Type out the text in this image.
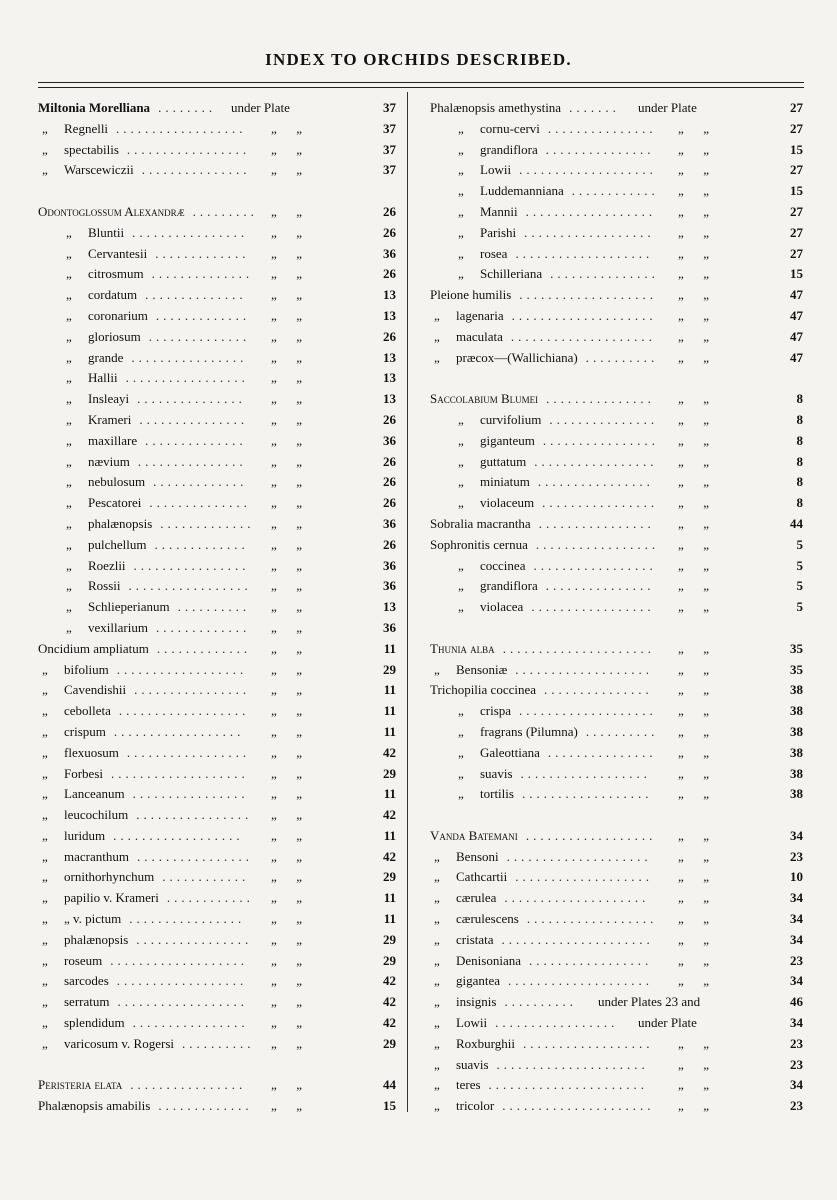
INDEX TO ORCHIDS DESCRIBED.
Miltonia Morelliana	under Plate	37
........
„ Regnelli	„      „	37
..................
„ spectabilis	„      „	37
.................
„ Warscewiczii	„      „	37
...............
Odontoglossum Alexandræ	„      „	26
.........
„ Bluntii	„      „	26
................
„ Cervantesii	„      „	36
.............
„ citrosmum	„      „	26
..............
„ cordatum	„      „	13
..............
„ coronarium	„      „	13
.............
„ gloriosum	„      „	26
..............
„ grande	„      „	13
................
„ Hallii	„      „	13
.................
„ Insleayi	„      „	13
...............
„ Krameri	„      „	26
...............
„ maxillare	„      „	36
..............
„ nævium	„      „	26
...............
„ nebulosum	„      „	26
.............
„ Pescatorei	„      „	26
..............
„ phalænopsis	„      „	36
.............
„ pulchellum	„      „	26
.............
„ Roezlii	„      „	36
................
„ Rossii	„      „	36
.................
„ Schlieperianum	„      „	13
..........
„ vexillarium	„      „	36
.............
Oncidium ampliatum	„      „	11
.............
„ bifolium	„      „	29
..................
„ Cavendishii	„      „	11
................
„ cebolleta	„      „	11
..................
„ crispum	„      „	11
..................
„ flexuosum	„      „	42
.................
„ Forbesi	„      „	29
...................
„ Lanceanum	„      „	11
................
„ leucochilum	„      „	42
................
„ luridum	„      „	11
..................
„ macranthum	„      „	42
................
„ ornithorhynchum	„      „	29
............
„ papilio v. Krameri	„      „	11
............
„ „ v. pictum	„      „	11
................
„ phalænopsis	„      „	29
................
„ roseum	„      „	29
...................
„ sarcodes	„      „	42
..................
„ serratum	„      „	42
..................
„ splendidum	„      „	42
................
„ varicosum v. Rogersi	„      „	29
..........
Peristeria elata	„      „	44
................
Phalænopsis amabilis	„      „	15
.............
Phalænopsis amethystina	under Plate	27
.......
„ cornu-cervi	„      „	27
...............
„ grandiflora	„      „	15
...............
„ Lowii	„      „	27
...................
„ Luddemanniana	„      „	15
............
„ Mannii	„      „	27
..................
„ Parishi	„      „	27
..................
„ rosea	„      „	27
...................
„ Schilleriana	„      „	15
...............
Pleione humilis	„      „	47
...................
„ lagenaria	„      „	47
....................
„ maculata	„      „	47
....................
„ præcox—(Wallichiana)	„      „	47
..........
Saccolabium Blumei	„      „	8
...............
„ curvifolium	„      „	8
...............
„ giganteum	„      „	8
................
„ guttatum	„      „	8
.................
„ miniatum	„      „	8
................
„ violaceum	„      „	8
................
Sobralia macrantha	„      „	44
................
Sophronitis cernua	„      „	5
.................
„ coccinea	„      „	5
.................
„ grandiflora	„      „	5
...............
„ violacea	„      „	5
.................
Thunia alba	„      „	35
.....................
„ Bensoniæ	„      „	35
...................
Trichopilia coccinea	„      „	38
...............
„ crispa	„      „	38
...................
„ fragrans (Pilumna)	„      „	38
..........
„ Galeottiana	„      „	38
...............
„ suavis	„      „	38
..................
„ tortilis	„      „	38
..................
Vanda Batemani	„      „	34
..................
„ Bensoni	„      „	23
....................
„ Cathcartii	„      „	10
...................
„ cærulea	„      „	34
....................
„ cærulescens	„      „	34
..................
„ cristata	„      „	34
.....................
„ Denisoniana	„      „	23
.................
„ gigantea	„      „	34
....................
„ insignis	under Plates 23 and	46
..........
„ Lowii	under Plate	34
.................
„ Roxburghii	„      „	23
..................
„ suavis	„      „	23
.....................
„ teres	„      „	34
......................
„ tricolor	„      „	23
.....................
